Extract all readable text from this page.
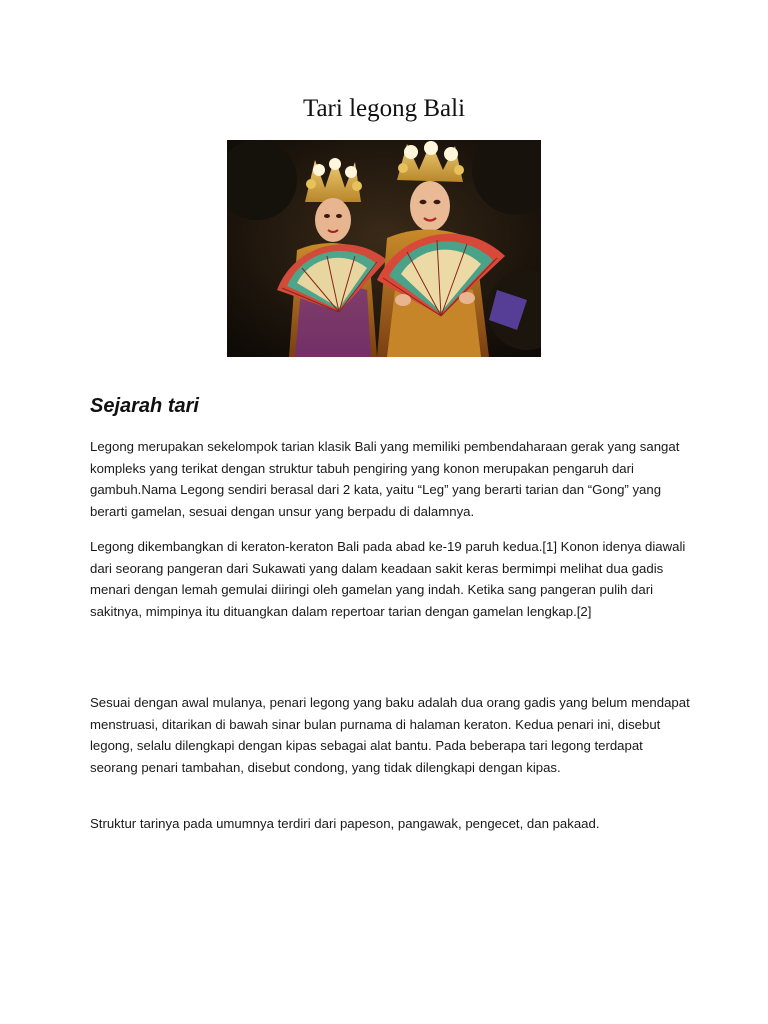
Tari legong Bali
Sejarah tari

Legong merupakan sekelompok tarian klasik Bali yang memiliki pembendaharaan gerak yang sangat kompleks yang terikat dengan struktur tabuh pengiring yang konon merupakan pengaruh dari gambuh.Nama Legong sendiri berasal dari 2 kata, yaitu “Leg” yang berarti tarian dan “Gong” yang berarti gamelan, sesuai dengan unsur yang berpadu di dalamnya.

Legong dikembangkan di keraton-keraton Bali pada abad ke-19 paruh kedua.[1] Konon idenya diawali dari seorang pangeran dari Sukawati yang dalam keadaan sakit keras bermimpi melihat dua gadis menari dengan lemah gemulai diiringi oleh gamelan yang indah. Ketika sang pangeran pulih dari sakitnya, mimpinya itu dituangkan dalam repertoar tarian dengan gamelan lengkap.[2]

Sesuai dengan awal mulanya, penari legong yang baku adalah dua orang gadis yang belum mendapat menstruasi, ditarikan di bawah sinar bulan purnama di halaman keraton. Kedua penari ini, disebut legong, selalu dilengkapi dengan kipas sebagai alat bantu. Pada beberapa tari legong terdapat seorang penari tambahan, disebut condong, yang tidak dilengkapi dengan kipas.

Struktur tarinya pada umumnya terdiri dari papeson, pangawak, pengecet, dan pakaad.
